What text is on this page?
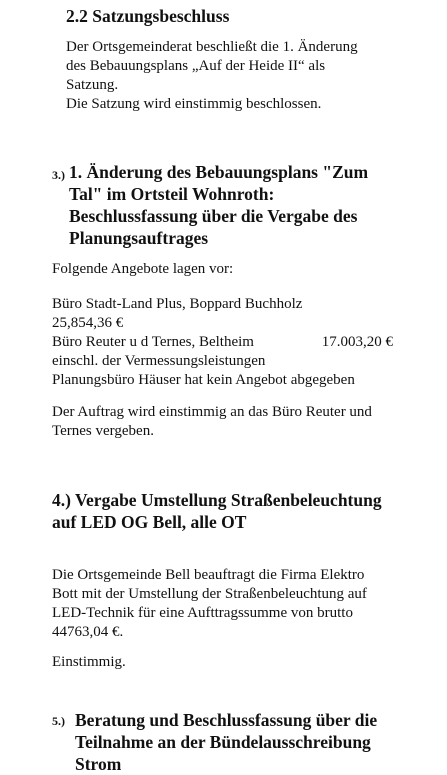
2.2 Satzungsbeschluss
Der Ortsgemeinderat beschließt die 1. Änderung
des Bebauungsplans „Auf der Heide II“ als
Satzung.
Die Satzung wird einstimmig beschlossen.
3.) 1. Änderung des Bebauungsplans "Zum
Tal" im Ortsteil Wohnroth:
Beschlussfassung über die Vergabe des
Planungsauftrages
Folgende Angebote lagen vor:
Büro Stadt-Land Plus, Boppard Buchholz
25,854,36 €
Büro Reuter u d Ternes, Beltheim	17.003,20 €
einschl. der Vermessungsleistungen
Planungsbüro Häuser hat kein Angebot abgegeben
Der Auftrag wird einstimmig an das Büro Reuter und
Ternes vergeben.
4.) Vergabe Umstellung Straßenbeleuchtung
auf LED OG Bell, alle OT
Die Ortsgemeinde Bell beauftragt die Firma Elektro
Bott mit der Umstellung der Straßenbeleuchtung auf
LED-Technik für eine Aufttragssumme von brutto
44763,04 €.
Einstimmig.
5.) Beratung und Beschlussfassung über die
Teilnahme an der Bündelausschreibung
Strom
